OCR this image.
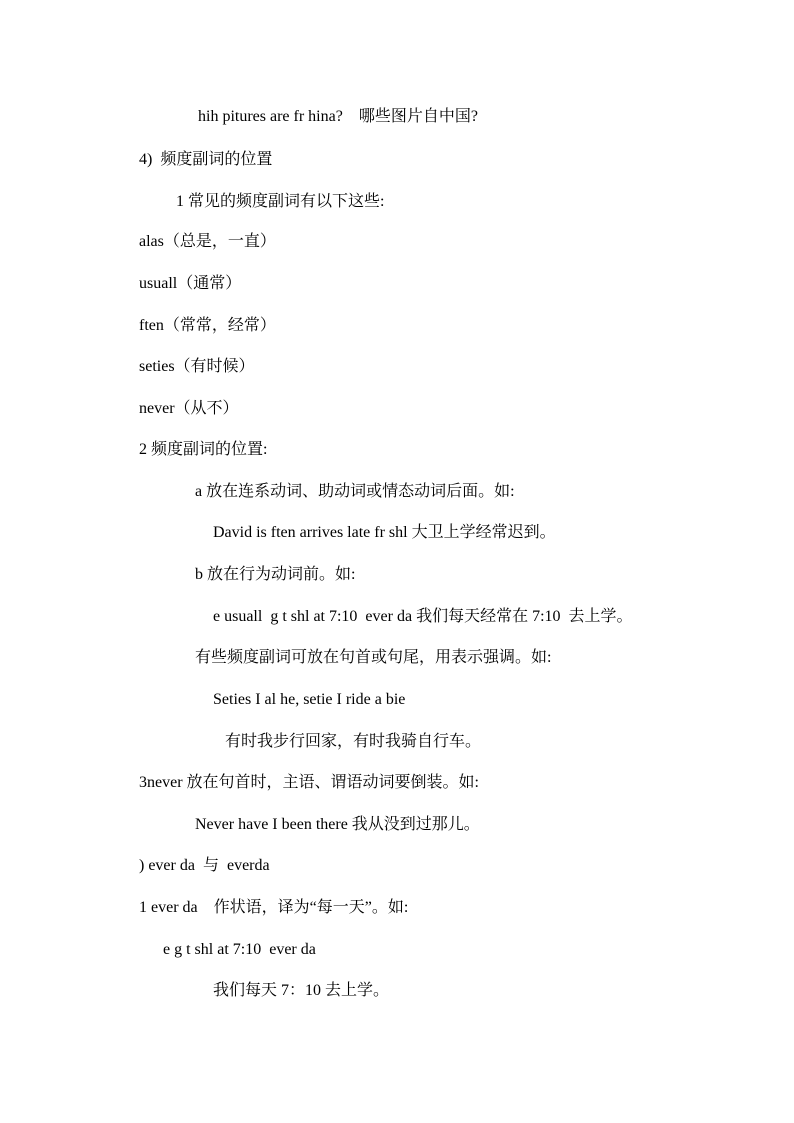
hih pitures are fr hina?    哪些图片自中国?
4)  频度副词的位置
1 常见的频度副词有以下这些:
alas（总是，一直）
usuall（通常）
ften（常常，经常）
seties（有时候）
never（从不）
2 频度副词的位置:
a 放在连系动词、助动词或情态动词后面。如:
David is ften arrives late fr shl 大卫上学经常迟到。
b 放在行为动词前。如:
e usuall  g t shl at 7:10  ever da 我们每天经常在 7:10  去上学。
有些频度副词可放在句首或句尾，用表示强调。如:
Seties I al he, setie I ride a bie
有时我步行回家，有时我骑自行车。
3never 放在句首时，主语、谓语动词要倒装。如:
Never have I been there 我从没到过那儿。
) ever da  与  everda
1 ever da    作状语，译为“每一天”。如:
e g t shl at 7:10  ever da
我们每天 7：10 去上学。
